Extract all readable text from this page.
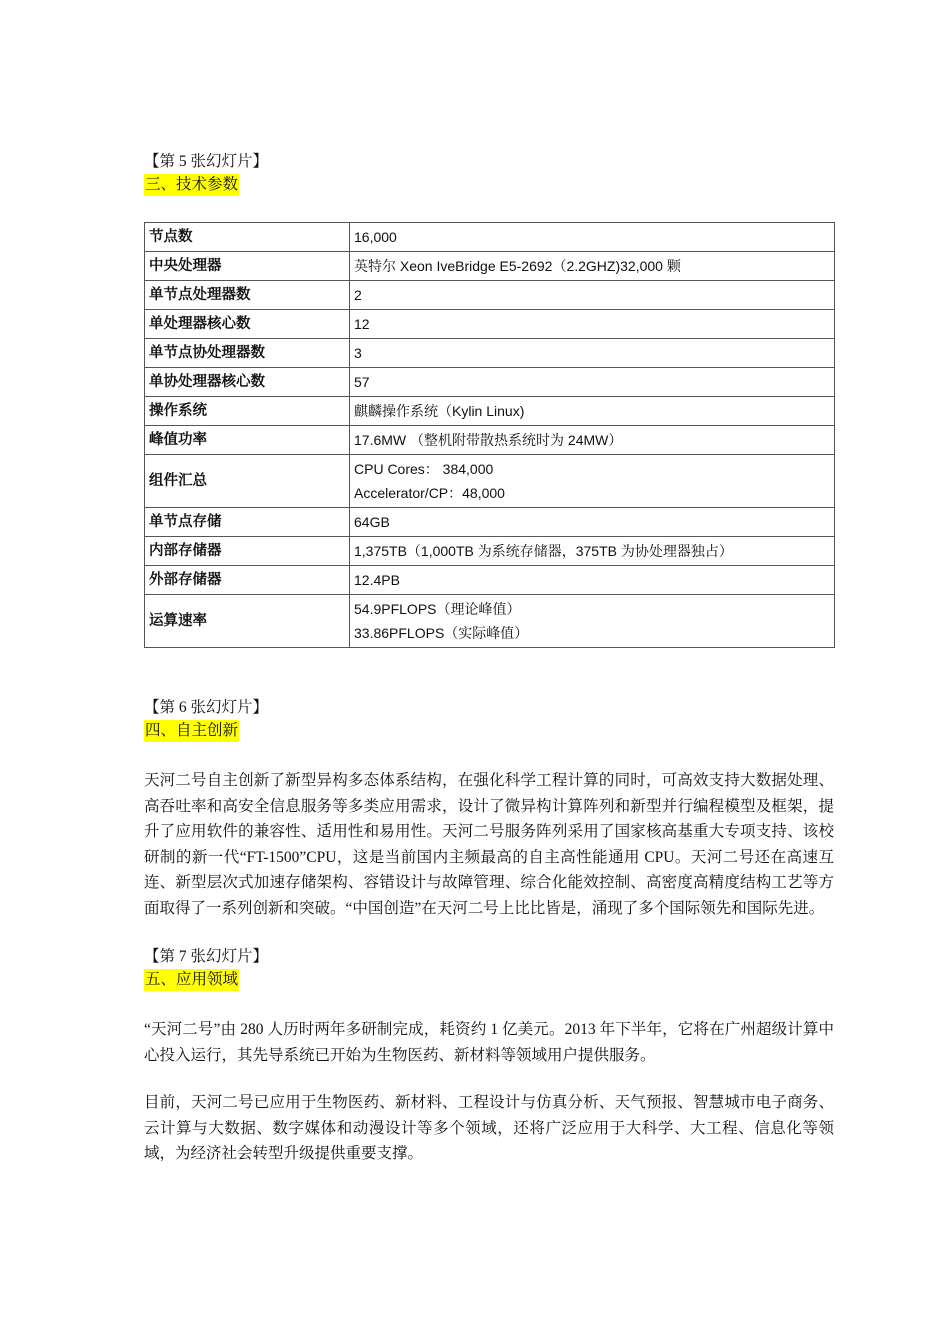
【第 5 张幻灯片】

三、技术参数
节点数	16,000

中央处理器	英特尔 Xeon IveBridge E5-2692（2.2GHZ)32,000 颗

单节点处理器数	2

单处理器核心数	12

单节点协处理器数	3

单协处理器核心数	57

操作系统	麒麟操作系统（Kylin Linux)

峰值功率	17.6MW （整机附带散热系统时为 24MW）

组件汇总	CPU Cores： 384,000
Accelerator/CP：48,000

单节点存储	64GB

内部存储器	1,375TB（1,000TB 为系统存储器，375TB 为协处理器独占）

外部存储器	12.4PB

运算速率	54.9PFLOPS（理论峰值）
33.86PFLOPS（实际峰值）

【第 6 张幻灯片】

四、自主创新

天河二号自主创新了新型异构多态体系结构，在强化科学工程计算的同时，可高效支持大数据处理、高吞吐率和高安全信息服务等多类应用需求，设计了微异构计算阵列和新型并行编程模型及框架，提升了应用软件的兼容性、适用性和易用性。天河二号服务阵列采用了国家核高基重大专项支持、该校研制的新一代“FT-1500”CPU，这是当前国内主频最高的自主高性能通用 CPU。天河二号还在高速互连、新型层次式加速存储架构、容错设计与故障管理、综合化能效控制、高密度高精度结构工艺等方面取得了一系列创新和突破。“中国创造”在天河二号上比比皆是，涌现了多个国际领先和国际先进。

【第 7 张幻灯片】

五、应用领域

“天河二号”由 280 人历时两年多研制完成，耗资约 1 亿美元。2013 年下半年，它将在广州超级计算中心投入运行，其先导系统已开始为生物医药、新材料等领域用户提供服务。

目前，天河二号已应用于生物医药、新材料、工程设计与仿真分析、天气预报、智慧城市电子商务、云计算与大数据、数字媒体和动漫设计等多个领域，还将广泛应用于大科学、大工程、信息化等领域，为经济社会转型升级提供重要支撑。
